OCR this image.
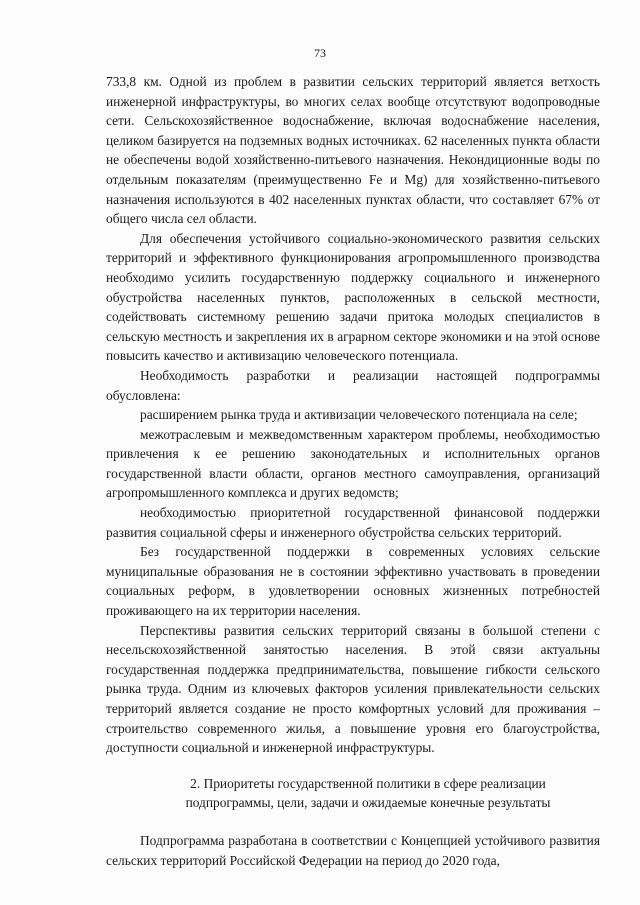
73

733,8 км. Одной из проблем в развитии сельских территорий является ветхость инженерной инфраструктуры, во многих селах вообще отсутствуют водопроводные сети. Сельскохозяйственное водоснабжение, включая водоснабжение населения, целиком базируется на подземных водных источниках. 62 населенных пункта области не обеспечены водой хозяйственно-питьевого назначения. Некондиционные воды по отдельным показателям (преимущественно Fe и Mg) для хозяйственно-питьевого назначения используются в 402 населенных пунктах области, что составляет 67% от общего числа сел области.

Для обеспечения устойчивого социально-экономического развития сельских территорий и эффективного функционирования агропромышленного производства необходимо усилить государственную поддержку социального и инженерного обустройства населенных пунктов, расположенных в сельской местности, содействовать системному решению задачи притока молодых специалистов в сельскую местность и закрепления их в аграрном секторе экономики и на этой основе повысить качество и активизацию человеческого потенциала.

Необходимость разработки и реализации настоящей подпрограммы обусловлена:

расширением рынка труда и активизации человеческого потенциала на селе;

межотраслевым и межведомственным характером проблемы, необходимостью привлечения к ее решению законодательных и исполнительных органов государственной власти области, органов местного самоуправления, организаций агропромышленного комплекса и других ведомств;

необходимостью приоритетной государственной финансовой поддержки развития социальной сферы и инженерного обустройства сельских территорий.

Без государственной поддержки в современных условиях сельские муниципальные образования не в состоянии эффективно участвовать в проведении социальных реформ, в удовлетворении основных жизненных потребностей проживающего на их территории населения.

Перспективы развития сельских территорий связаны в большой степени с несельскохозяйственной занятостью населения. В этой связи актуальны государственная поддержка предпринимательства, повышение гибкости сельского рынка труда. Одним из ключевых факторов усиления привлекательности сельских территорий является создание не просто комфортных условий для проживания – строительство современного жилья, а повышение уровня его благоустройства, доступности социальной и инженерной инфраструктуры.

2. Приоритеты государственной политики в сфере реализации
подпрограммы, цели, задачи и ожидаемые конечные результаты

Подпрограмма разработана в соответствии с Концепцией устойчивого развития сельских территорий Российской Федерации на период до 2020 года,
